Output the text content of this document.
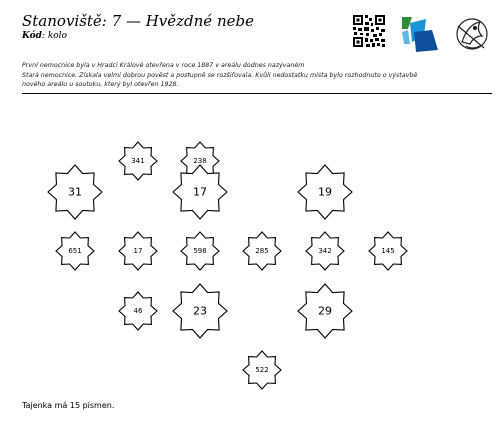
Stanoviště: 7 — Hvězdné nebe
Kód: kolo
První nemocnice byla v Hradci Králové otevřena v roce 1887 v areálu dodnes nazývaném
Stará nemocnice. Získala velmi dobrou pověst a postupně se rozšiřovala. Kvůli nedostatku místa bylo rozhodnuto o výstavbě
nového areálu u soutoku, který byl otevřen 1928.
341	238
31	17	19
651	17	598	285	342	145
46	23	29
522
Tajenka má 15 písmen.
